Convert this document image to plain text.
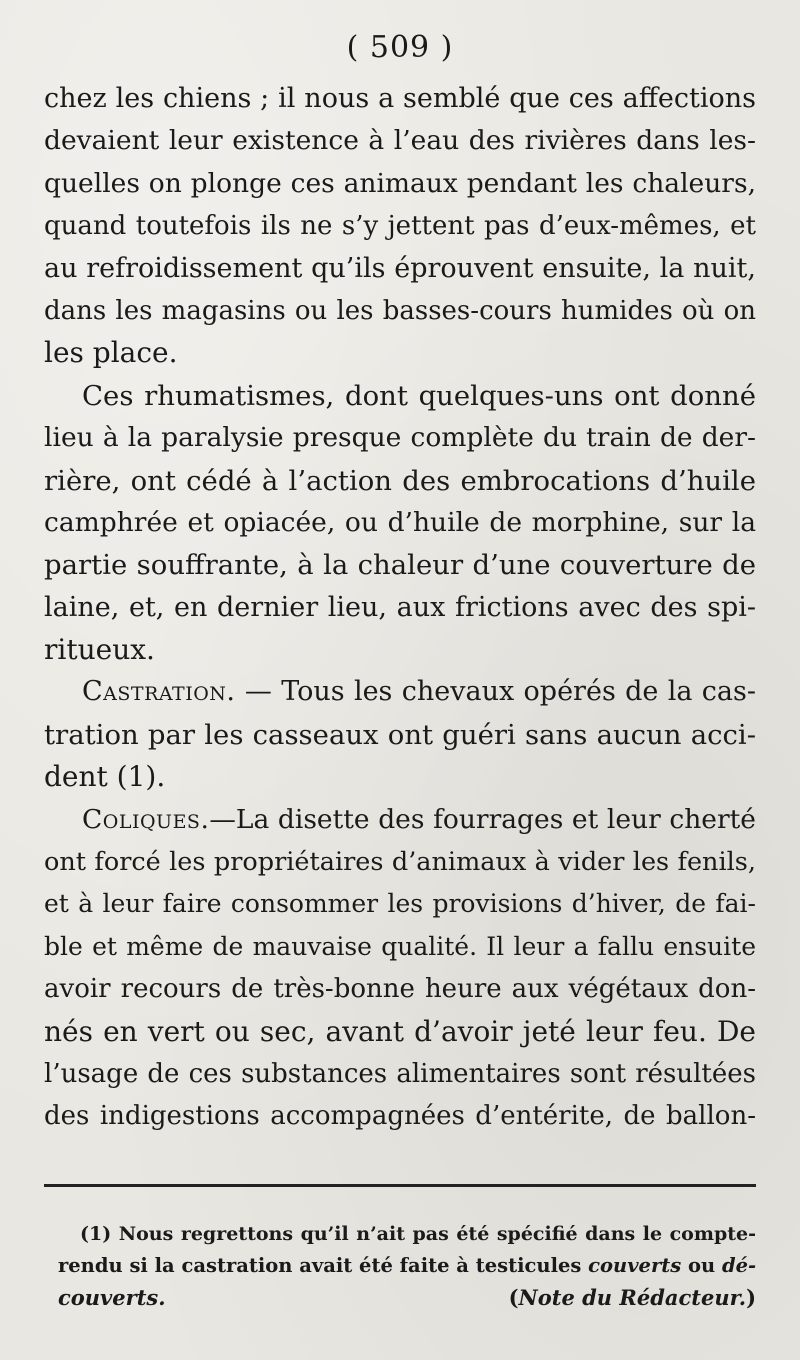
( 509 )
chez les chiens ; il nous a semblé que ces affections
devaient leur existence à l’eau des rivières dans les-
quelles on plonge ces animaux pendant les chaleurs,
quand toutefois ils ne s’y jettent pas d’eux-mêmes, et
au refroidissement qu’ils éprouvent ensuite, la nuit,
dans les magasins ou les basses-cours humides où on
les place.
Ces rhumatismes, dont quelques-uns ont donné
lieu à la paralysie presque complète du train de der-
rière, ont cédé à l’action des embrocations d’huile
camphrée et opiacée, ou d’huile de morphine, sur la
partie souffrante, à la chaleur d’une couverture de
laine, et, en dernier lieu, aux frictions avec des spi-
ritueux.
Castration. — Tous les chevaux opérés de la cas-
tration par les casseaux ont guéri sans aucun acci-
dent (1).
Coliques.—La disette des fourrages et leur cherté
ont forcé les propriétaires d’animaux à vider les fenils,
et à leur faire consommer les provisions d’hiver, de fai-
ble et même de mauvaise qualité. Il leur a fallu ensuite
avoir recours de très-bonne heure aux végétaux don-
nés en vert ou sec, avant d’avoir jeté leur feu. De
l’usage de ces substances alimentaires sont résultées
des indigestions accompagnées d’entérite, de ballon-
(1) Nous regrettons qu’il n’ait pas été spécifié dans le compte-
rendu si la castration avait été faite à testicules couverts ou dé-
couverts.	(Note du Rédacteur.)
